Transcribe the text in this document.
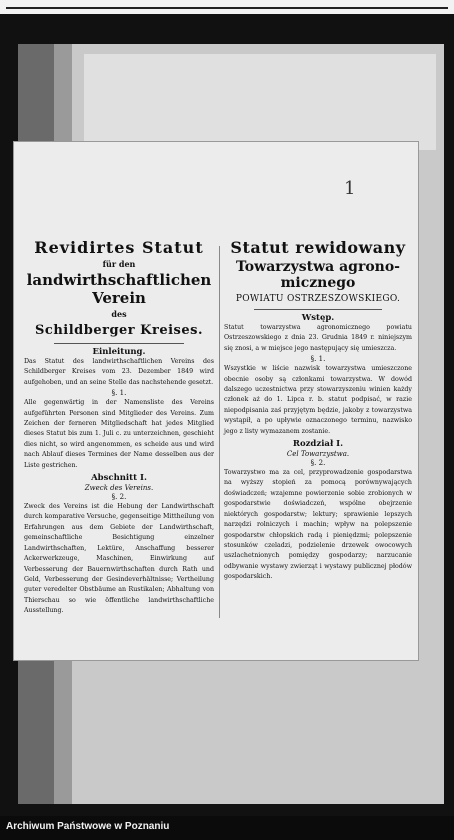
1
Revidirtes Statut
für den
landwirthschaftlichen Verein
des
Schildberger Kreises.
Einleitung.

Das Statut des landwirthschaftlichen Vereins des Schildberger Kreises vom 23. Dezember 1849 wird aufgehoben, und an seine Stelle das nachstehende gesetzt.

§. 1.

Alle gegenwärtig in der Namensliste des Vereins aufgeführten Personen sind Mitglieder des Vereins. Zum Zeichen der ferneren Mitgliedschaft hat jedes Mitglied dieses Statut bis zum 1. Juli c. zu unterzeichnen, geschieht dies nicht, so wird angenommen, es scheide aus und wird nach Ablauf dieses Termines der Name desselben aus der Liste gestrichen.

Abschnitt I.
Zweck des Vereins.
§. 2.

Zweck des Vereins ist die Hebung der Landwirthschaft durch komparative Versuche, gegenseitige Mittheilung von Erfahrungen aus dem Gebiete der Landwirthschaft, gemeinschaftliche Besichtigung einzelner Landwirthschaften, Lektüre, Anschaffung besserer Ackerwerkzeuge, Maschinen, Einwirkung auf Verbesserung der Bauernwirthschaften durch Rath und Geld, Verbesserung der Gesindeverhältnisse; Vertheilung guter veredelter Obstbäume an Rustikalen; Abhaltung von Thierschau so wie öffentliche landwirthschaftliche Ausstellung.

Statut rewidowany
Towarzystwa agrono-
micznego
POWIATU OSTRZESZOWSKIEGO.
Wstęp.

Statut towarzystwa agronomicznego powiatu Ostrzeszowskiego z dnia 23. Grudnia 1849 r. niniejszym się znosi, a w miejsce jego następujący się umieszcza.

§. 1.

Wszystkie w liście nazwisk towarzystwa umieszczone obecnie osoby są członkami towarzystwa. W dowód dalszego uczestnictwa przy stowarzyszeniu winien każdy członek aż do 1. Lipca r. b. statut podpisać, w razie niepodpisania zaś przyjętym będzie, jakoby z towarzystwa wystąpił, a po upływie oznaczonego terminu, nazwisko jego z listy wymazanem zostanie.

Rozdział I.
Cel Towarzystwa.
§. 2.

Towarzystwo ma za cel, przyprowadzenie gospodarstwa na wyższy stopień za pomocą porównywających doświadczeń; wzajemne powierzenie sobie zrobionych w gospodarstwie doświadczeń, wspólne obejrzenie niektórych gospodarstw; lektury; sprawienie lepszych narzędzi rolniczych i machin; wpływ na polepszenie gospodarstw chłopskich radą i pieniędzmi; polepszenie stosunków czeladzi, podzielenie drzewek owocowych uszlachetnionych pomiędzy gospodarzy; narzucanie odbywanie wystawy zwierząt i wystawy publicznej płodów gospodarskich.

Archiwum Państwowe w Poznaniu
